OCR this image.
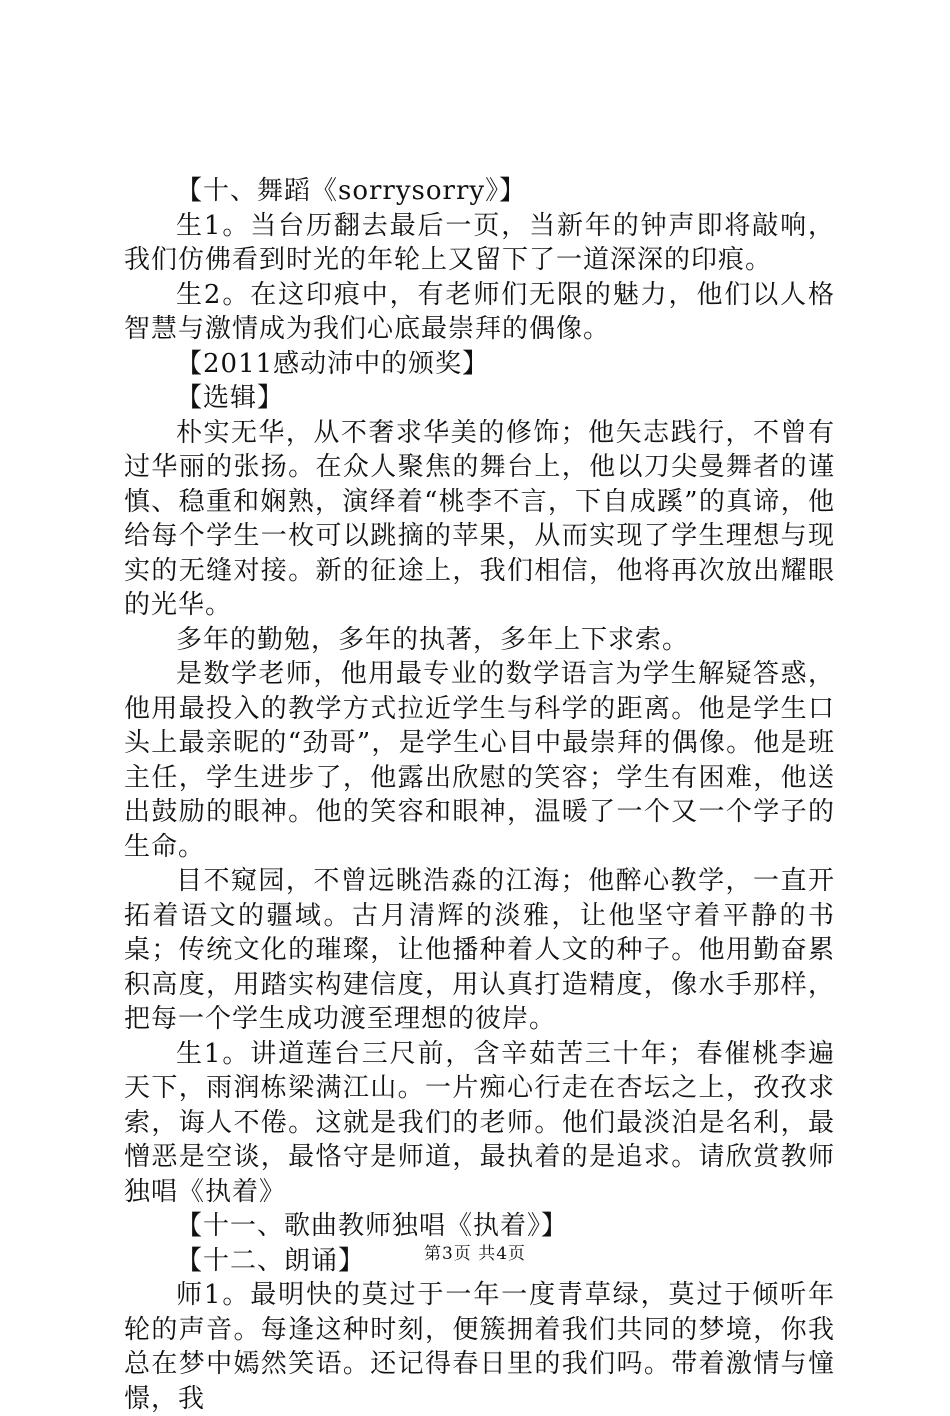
【十、舞蹈《sorrysorry》】

生1。当台历翻去最后一页，当新年的钟声即将敲响，我们仿佛看到时光的年轮上又留下了一道深深的印痕。

生2。在这印痕中，有老师们无限的魅力，他们以人格智慧与激情成为我们心底最崇拜的偶像。

【2011感动沛中的颁奖】

【选辑】

朴实无华，从不奢求华美的修饰；他矢志践行，不曾有过华丽的张扬。在众人聚焦的舞台上，他以刀尖曼舞者的谨慎、稳重和娴熟，演绎着“桃李不言，下自成蹊”的真谛，他给每个学生一枚可以跳摘的苹果，从而实现了学生理想与现实的无缝对接。新的征途上，我们相信，他将再次放出耀眼的光华。

多年的勤勉，多年的执著，多年上下求索。

是数学老师，他用最专业的数学语言为学生解疑答惑，他用最投入的教学方式拉近学生与科学的距离。他是学生口头上最亲昵的“劲哥”，是学生心目中最崇拜的偶像。他是班主任，学生进步了，他露出欣慰的笑容；学生有困难，他送出鼓励的眼神。他的笑容和眼神，温暖了一个又一个学子的生命。

目不窥园，不曾远眺浩淼的江海；他醉心教学，一直开拓着语文的疆域。古月清辉的淡雅，让他坚守着平静的书桌；传统文化的璀璨，让他播种着人文的种子。他用勤奋累积高度，用踏实构建信度，用认真打造精度，像水手那样，把每一个学生成功渡至理想的彼岸。

生1。讲道莲台三尺前，含辛茹苦三十年；春催桃李遍天下，雨润栋梁满江山。一片痴心行走在杏坛之上，孜孜求索，诲人不倦。这就是我们的老师。他们最淡泊是名利，最憎恶是空谈，最恪守是师道，最执着的是追求。请欣赏教师独唱《执着》

【十一、歌曲教师独唱《执着》】

【十二、朗诵】

师1。最明快的莫过于一年一度青草绿，莫过于倾听年轮的声音。每逢这种时刻，便簇拥着我们共同的梦境，你我总在梦中嫣然笑语。还记得春日里的我们吗。带着激情与憧憬，我

第3页 共4页
